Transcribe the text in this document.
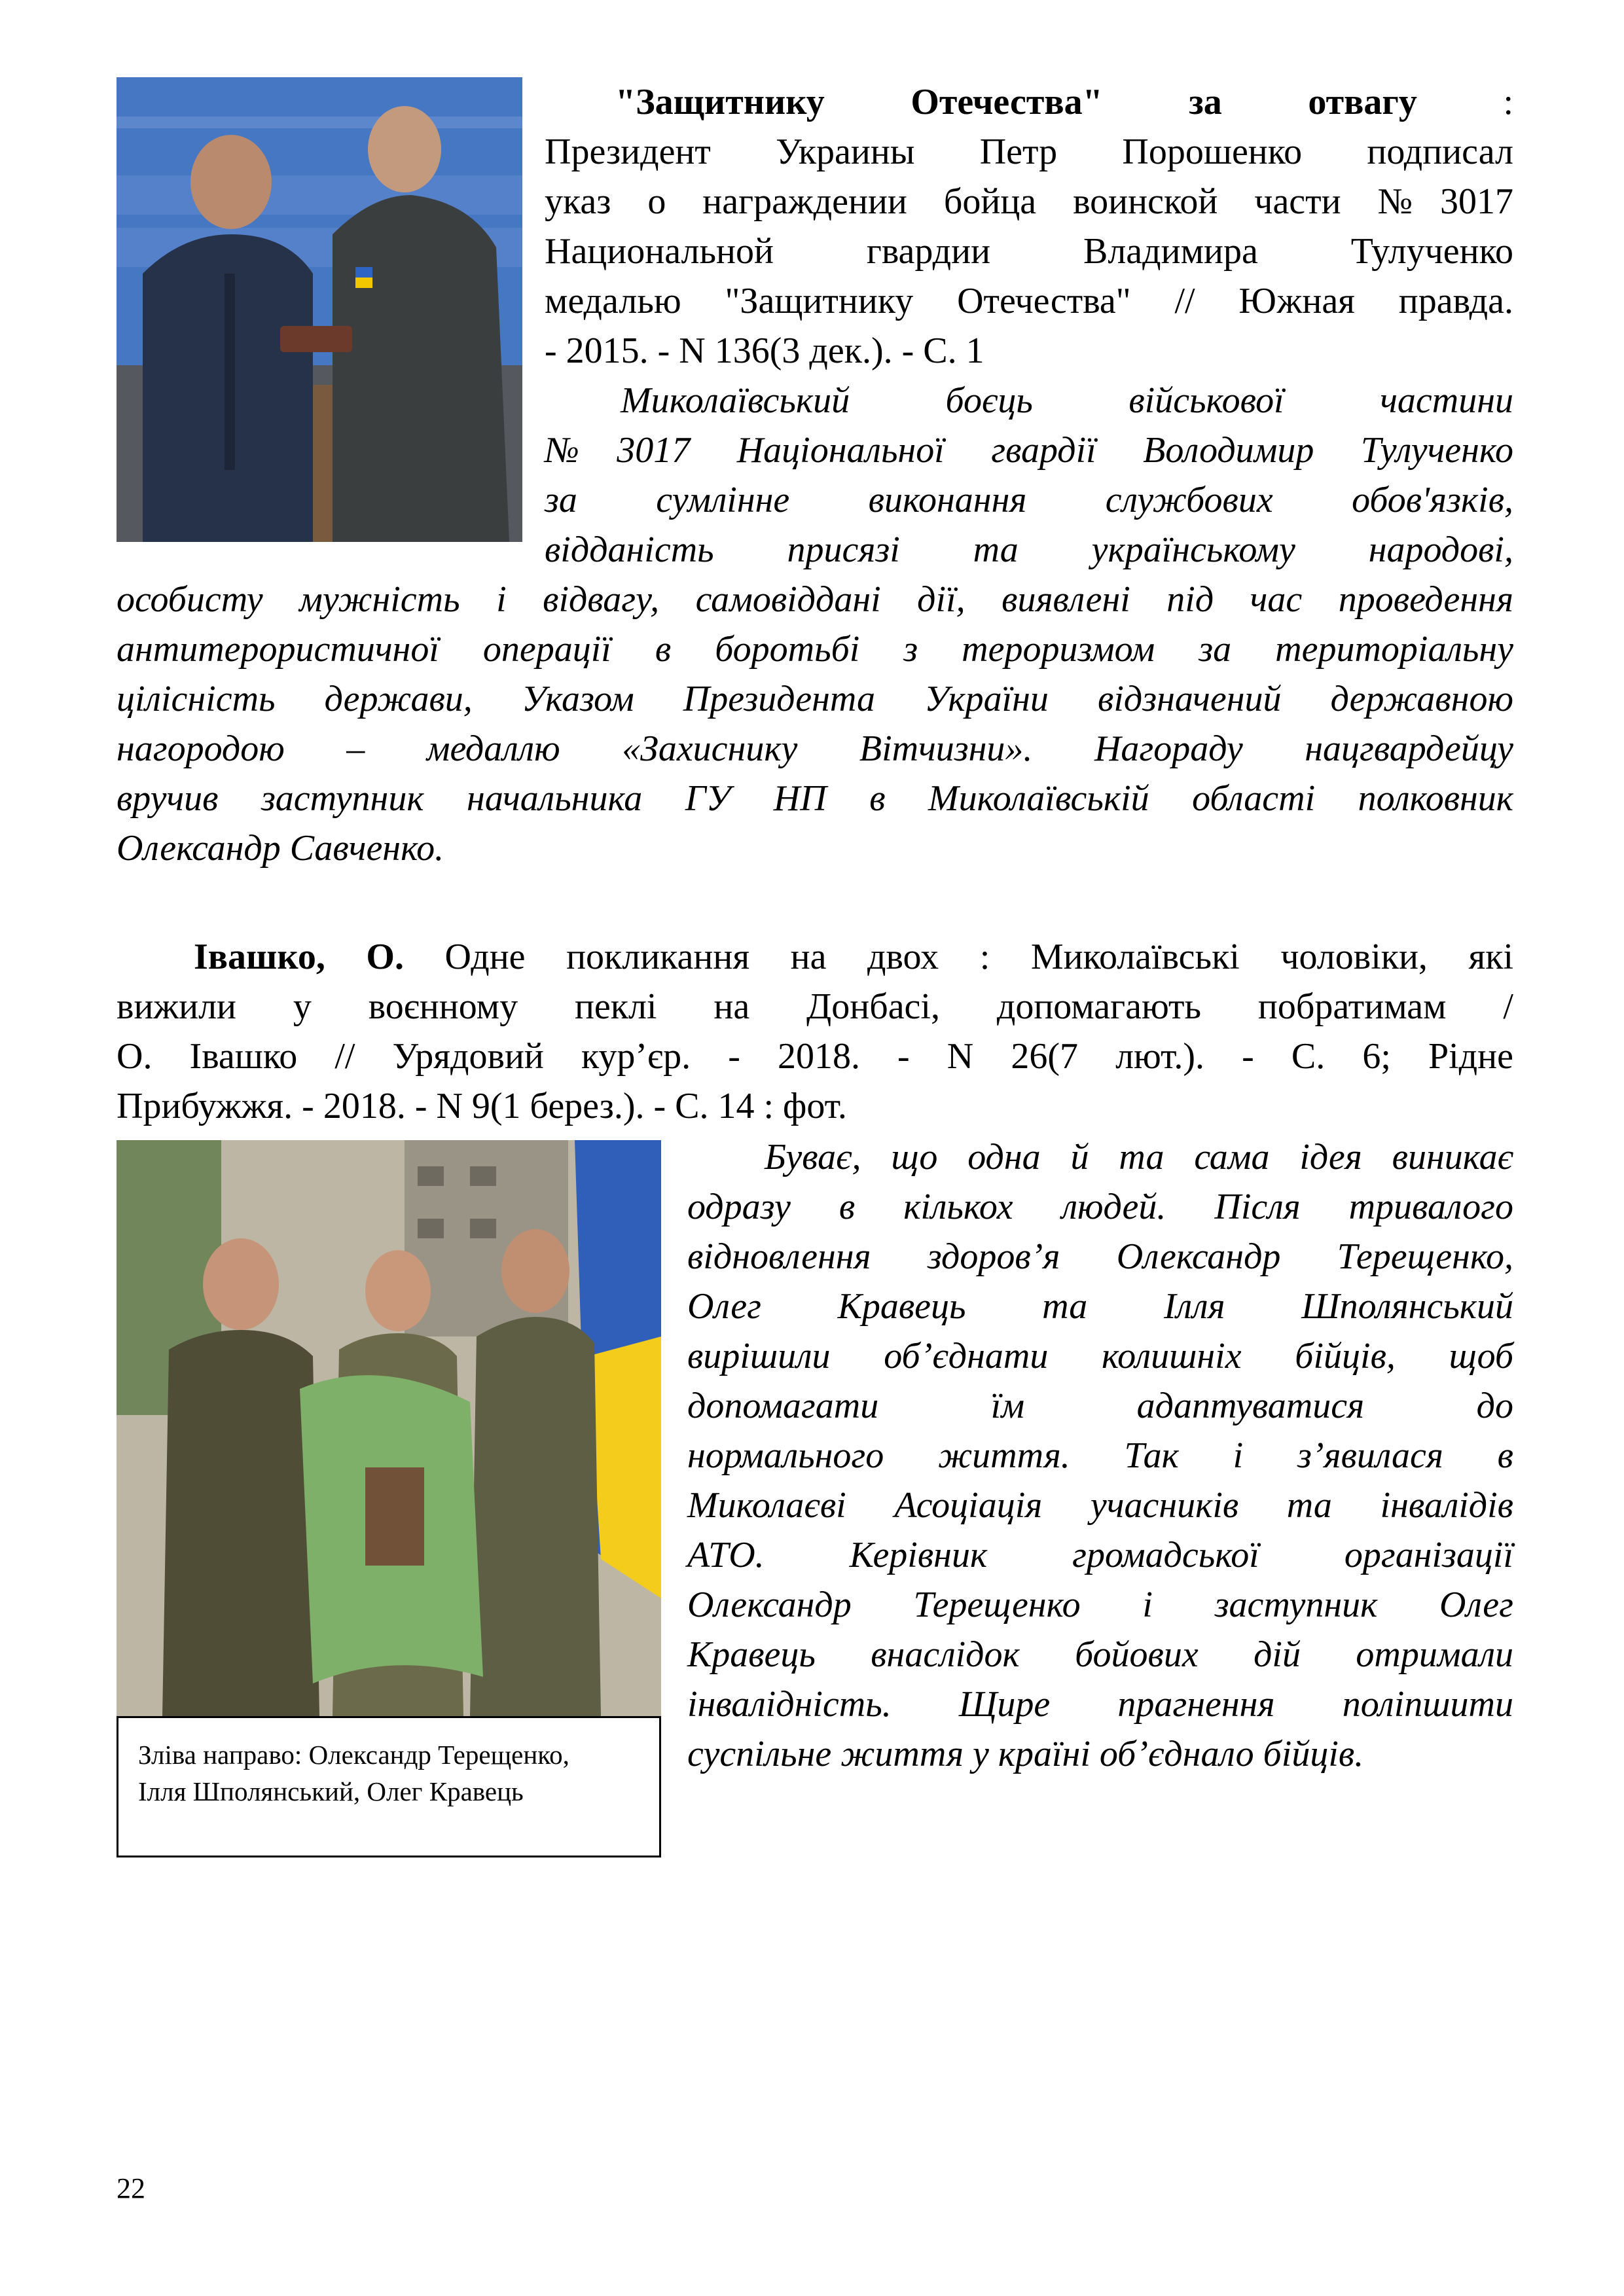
"Защитнику Отечества" за отвагу :
Президент Украины Петр Порошенко подписал
указ о награждении бойца воинской части №3017
Национальной гвардии Владимира Тулученко
медалью "Защитнику Отечества" // Южная правда.
- 2015. - N 136(3 дек.). - С. 1
Миколаївський боєць військової частини
№3017 Національної гвардії Володимир Тулученко
за сумлінне виконання службових обов'язків,
відданість присязі та українському народові,
особисту мужність і відвагу, самовіддані дії, виявлені під час проведення
антитерористичної операції в боротьбі з тероризмом за територіальну
цілісність держави, Указом Президента України відзначений державною
нагородою – медаллю «Захиснику Вітчизни». Нагораду нацгвардейцу
вручив заступник начальника ГУ НП в Миколаївській області полковник
Олександр Савченко.
Івашко, О. Одне покликання на двох : Миколаївські чоловіки, які
вижили у воєнному пеклі на Донбасі, допомагають побратимам /
О. Івашко // Урядовий кур’єр. - 2018. - N 26(7 лют.). - С. 6; Рідне
Прибужжя. - 2018. - N 9(1 берез.). - С. 14 : фот.
Зліва направо: Олександр Терещенко,
Ілля Шполянський, Олег Кравець
Буває, що одна й та сама ідея виникає
одразу в кількох людей. Після тривалого
відновлення здоров’я Олександр Терещенко,
Олег Кравець та Ілля Шполянський
вирішили об’єднати колишніх бійців, щоб
допомагати їм адаптуватися до
нормального життя. Так і з’явилася в
Миколаєві Асоціація учасників та інвалідів
АТО. Керівник громадської організації
Олександр Терещенко і заступник Олег
Кравець внаслідок бойових дій отримали
інвалідність. Щире прагнення поліпшити
суспільне життя у країні об’єднало бійців.
22
